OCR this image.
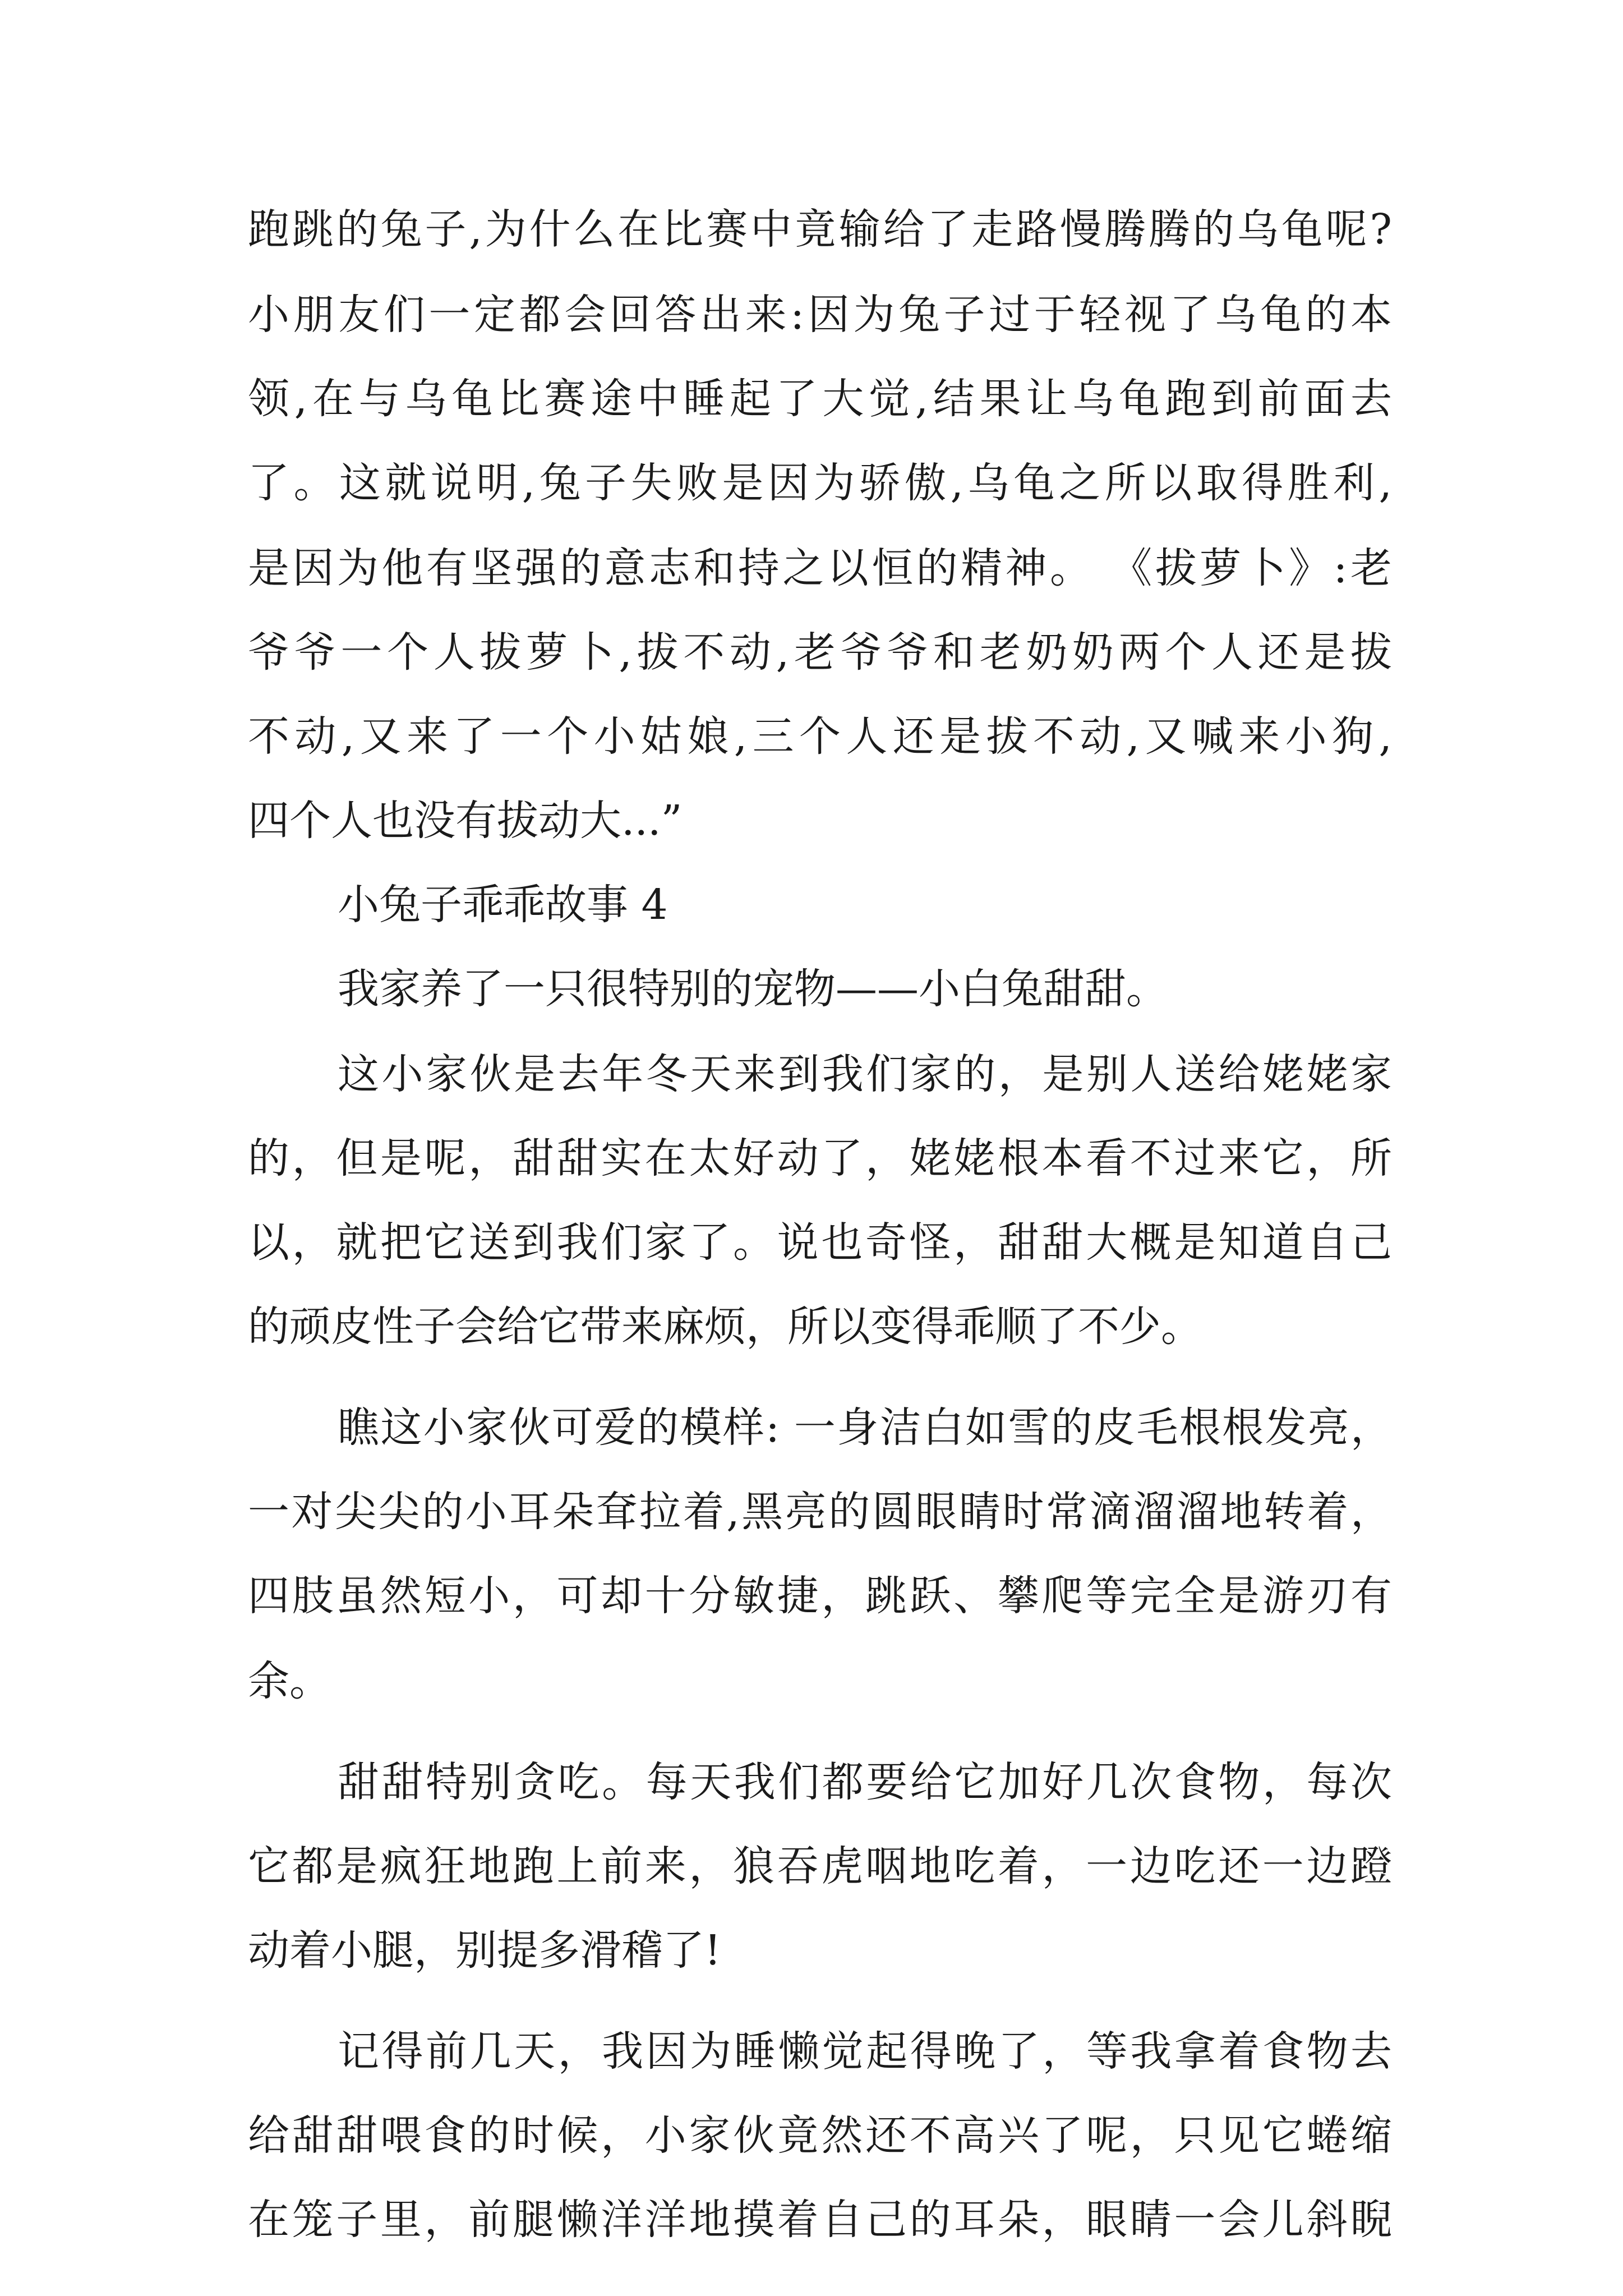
跑跳的兔子,为什么在比赛中竟输给了走路慢腾腾的乌龟呢?
小朋友们一定都会回答出来:因为兔子过于轻视了乌龟的本
领,在与乌龟比赛途中睡起了大觉,结果让乌龟跑到前面去
了。这就说明,兔子失败是因为骄傲,乌龟之所以取得胜利,
是因为他有坚强的意志和持之以恒的精神。 《拔萝卜》:老
爷爷一个人拔萝卜,拔不动,老爷爷和老奶奶两个人还是拔
不动,又来了一个小姑娘,三个人还是拔不动,又喊来小狗,
四个人也没有拔动大...”
小兔子乖乖故事 4
我家养了一只很特别的宠物——小白兔甜甜。
这小家伙是去年冬天来到我们家的，是别人送给姥姥家
的，但是呢，甜甜实在太好动了，姥姥根本看不过来它，所
以，就把它送到我们家了。说也奇怪，甜甜大概是知道自己
的顽皮性子会给它带来麻烦，所以变得乖顺了不少。
瞧这小家伙可爱的模样: 一身洁白如雪的皮毛根根发亮，
一对尖尖的小耳朵耷拉着,黑亮的圆眼睛时常滴溜溜地转着，
四肢虽然短小，可却十分敏捷，跳跃、攀爬等完全是游刃有
余。
甜甜特别贪吃。每天我们都要给它加好几次食物，每次
它都是疯狂地跑上前来，狼吞虎咽地吃着，一边吃还一边蹬
动着小腿，别提多滑稽了!
记得前几天，我因为睡懒觉起得晚了，等我拿着食物去
给甜甜喂食的时候，小家伙竟然还不高兴了呢，只见它蜷缩
在笼子里，前腿懒洋洋地摸着自己的耳朵，眼睛一会儿斜睨
